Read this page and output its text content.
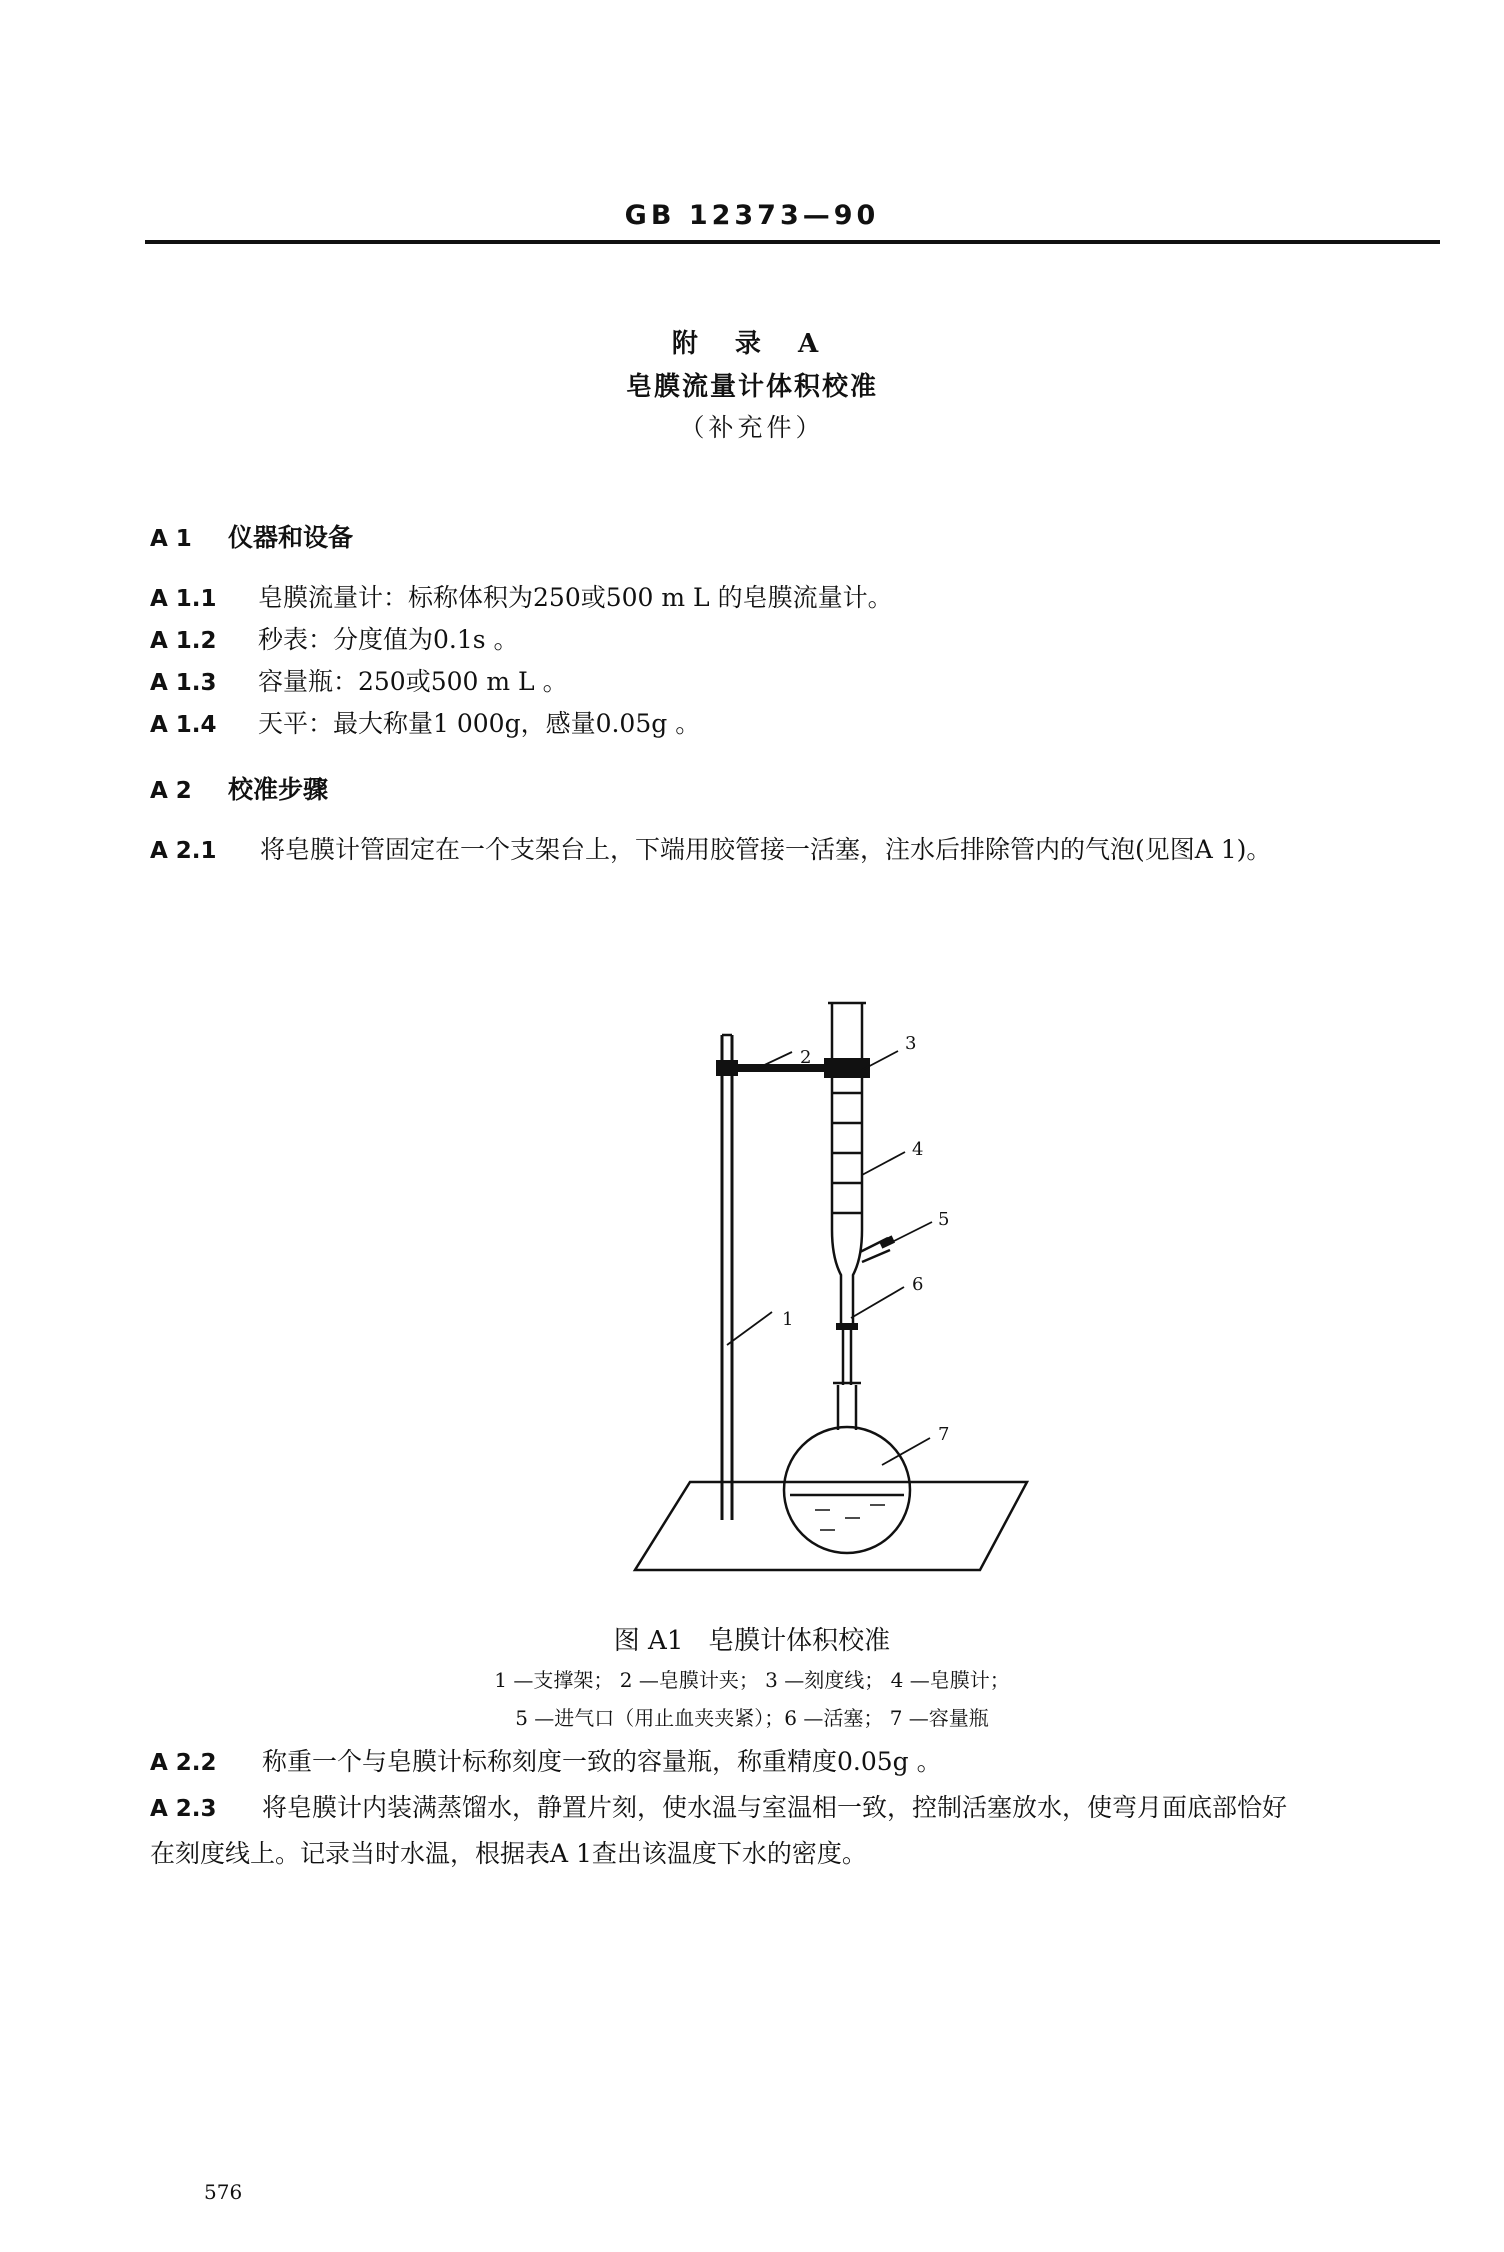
GB 12373—90
附 录 A
皂膜流量计体积校准
（补充件）
A 1 仪器和设备
A 1.1 皂膜流量计：标称体积为250或500 m L 的皂膜流量计。
A 1.2 秒表：分度值为0.1s 。
A 1.3 容量瓶：250或500 m L 。
A 1.4 天平：最大称量1 000g，感量0.05g 。
A 2 校准步骤
A 2.1 将皂膜计管固定在一个支架台上，下端用胶管接一活塞，注水后排除管内的气泡(见图A 1)。
1
2
3
4
5
6
7
图 A1   皂膜计体积校准
1 —支撑架； 2 —皂膜计夹； 3 —刻度线； 4 —皂膜计；
5 —进气口（用止血夹夹紧）；6 —活塞； 7 —容量瓶
A 2.2 称重一个与皂膜计标称刻度一致的容量瓶，称重精度0.05g 。
A 2.3 将皂膜计内装满蒸馏水，静置片刻，使水温与室温相一致，控制活塞放水，使弯月面底部恰好
在刻度线上。记录当时水温，根据表A 1查出该温度下水的密度。
576
